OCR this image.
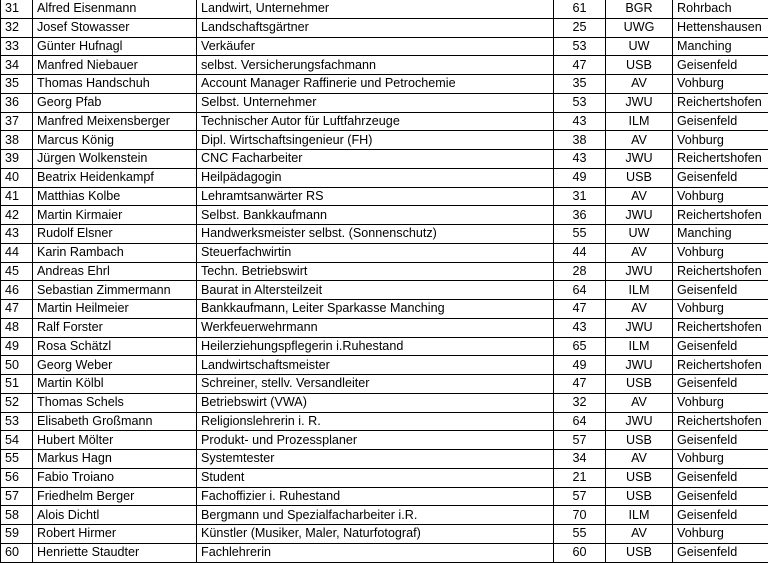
31	Alfred Eisenmann	Landwirt, Unternehmer	61	BGR	Rohrbach
32	Josef Stowasser	Landschaftsgärtner	25	UWG	Hettenshausen
33	Günter Hufnagl	Verkäufer	53	UW	Manching
34	Manfred Niebauer	selbst. Versicherungsfachmann	47	USB	Geisenfeld
35	Thomas Handschuh	Account Manager Raffinerie und Petrochemie	35	AV	Vohburg
36	Georg Pfab	Selbst. Unternehmer	53	JWU	Reichertshofen
37	Manfred Meixensberger	Technischer Autor für Luftfahrzeuge	43	ILM	Geisenfeld
38	Marcus König	Dipl. Wirtschaftsingenieur (FH)	38	AV	Vohburg
39	Jürgen Wolkenstein	CNC Facharbeiter	43	JWU	Reichertshofen
40	Beatrix Heidenkampf	Heilpädagogin	49	USB	Geisenfeld
41	Matthias Kolbe	Lehramtsanwärter RS	31	AV	Vohburg
42	Martin Kirmaier	Selbst. Bankkaufmann	36	JWU	Reichertshofen
43	Rudolf Elsner	Handwerksmeister selbst. (Sonnenschutz)	55	UW	Manching
44	Karin Rambach	Steuerfachwirtin	44	AV	Vohburg
45	Andreas Ehrl	Techn. Betriebswirt	28	JWU	Reichertshofen
46	Sebastian Zimmermann	Baurat in Altersteilzeit	64	ILM	Geisenfeld
47	Martin Heilmeier	Bankkaufmann, Leiter Sparkasse Manching	47	AV	Vohburg
48	Ralf Forster	Werkfeuerwehrmann	43	JWU	Reichertshofen
49	Rosa Schätzl	Heilerziehungspflegerin i.Ruhestand	65	ILM	Geisenfeld
50	Georg Weber	Landwirtschaftsmeister	49	JWU	Reichertshofen
51	Martin Kölbl	Schreiner, stellv. Versandleiter	47	USB	Geisenfeld
52	Thomas Schels	Betriebswirt (VWA)	32	AV	Vohburg
53	Elisabeth Großmann	Religionslehrerin i. R.	64	JWU	Reichertshofen
54	Hubert Mölter	Produkt- und Prozessplaner	57	USB	Geisenfeld
55	Markus Hagn	Systemtester	34	AV	Vohburg
56	Fabio Troiano	Student	21	USB	Geisenfeld
57	Friedhelm Berger	Fachoffizier i. Ruhestand	57	USB	Geisenfeld
58	Alois Dichtl	Bergmann und Spezialfacharbeiter i.R.	70	ILM	Geisenfeld
59	Robert Hirmer	Künstler (Musiker, Maler, Naturfotograf)	55	AV	Vohburg
60	Henriette Staudter	Fachlehrerin	60	USB	Geisenfeld
